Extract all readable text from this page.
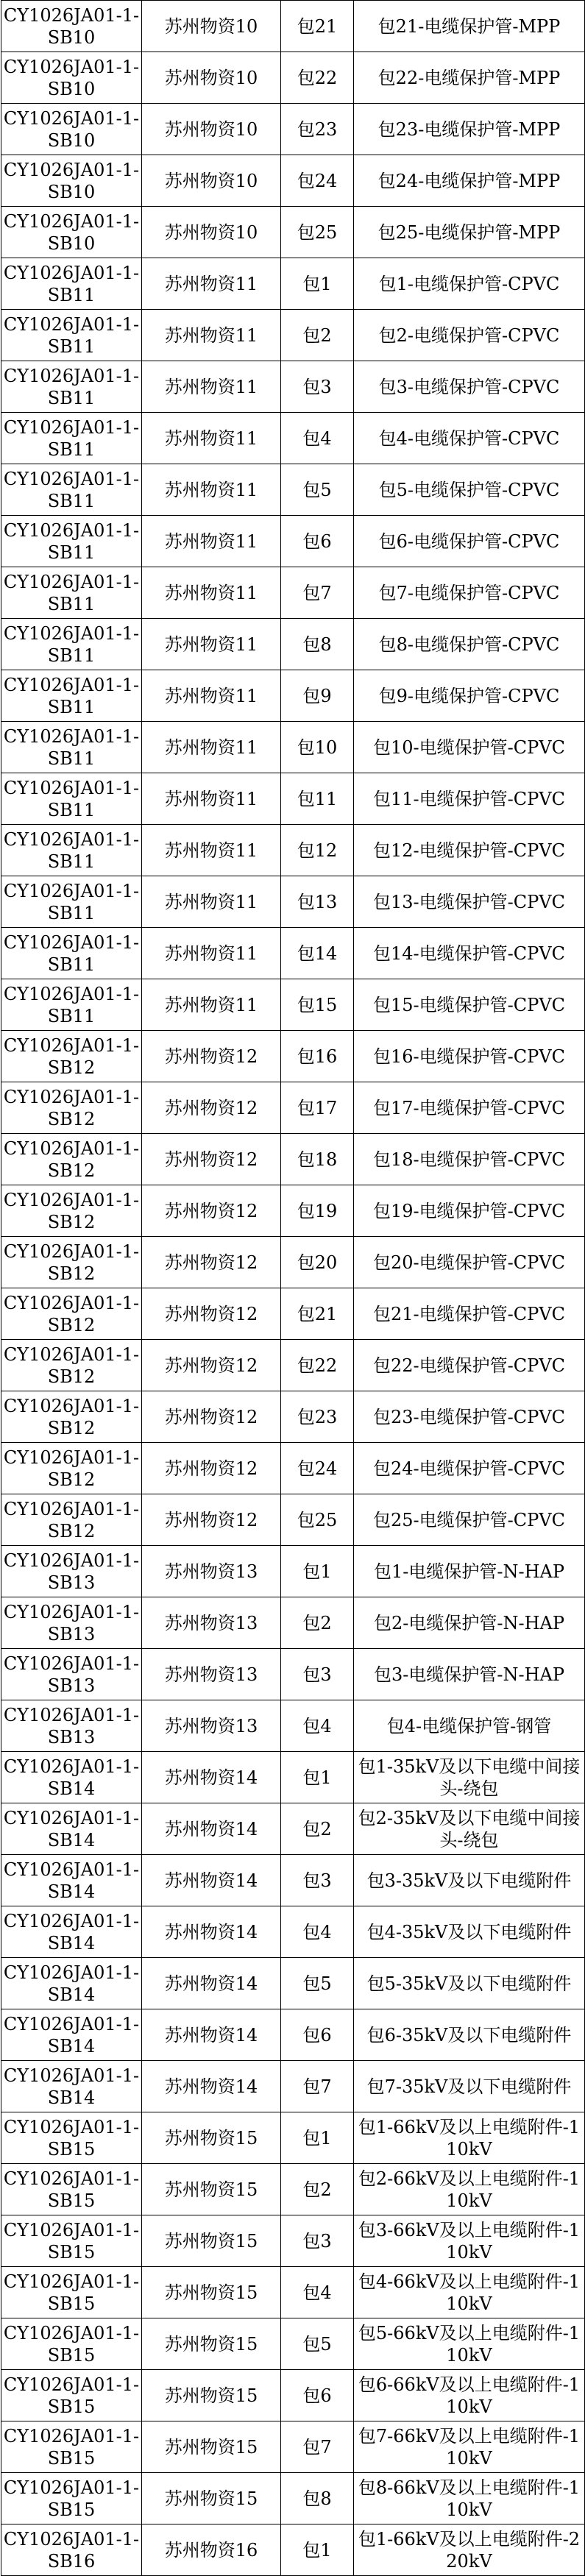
CY1026JA01-1-SB10	苏州物资10	包21	包21-电缆保护管-MPP
CY1026JA01-1-SB10	苏州物资10	包22	包22-电缆保护管-MPP
CY1026JA01-1-SB10	苏州物资10	包23	包23-电缆保护管-MPP
CY1026JA01-1-SB10	苏州物资10	包24	包24-电缆保护管-MPP
CY1026JA01-1-SB10	苏州物资10	包25	包25-电缆保护管-MPP
CY1026JA01-1-SB11	苏州物资11	包1	包1-电缆保护管-CPVC
CY1026JA01-1-SB11	苏州物资11	包2	包2-电缆保护管-CPVC
CY1026JA01-1-SB11	苏州物资11	包3	包3-电缆保护管-CPVC
CY1026JA01-1-SB11	苏州物资11	包4	包4-电缆保护管-CPVC
CY1026JA01-1-SB11	苏州物资11	包5	包5-电缆保护管-CPVC
CY1026JA01-1-SB11	苏州物资11	包6	包6-电缆保护管-CPVC
CY1026JA01-1-SB11	苏州物资11	包7	包7-电缆保护管-CPVC
CY1026JA01-1-SB11	苏州物资11	包8	包8-电缆保护管-CPVC
CY1026JA01-1-SB11	苏州物资11	包9	包9-电缆保护管-CPVC
CY1026JA01-1-SB11	苏州物资11	包10	包10-电缆保护管-CPVC
CY1026JA01-1-SB11	苏州物资11	包11	包11-电缆保护管-CPVC
CY1026JA01-1-SB11	苏州物资11	包12	包12-电缆保护管-CPVC
CY1026JA01-1-SB11	苏州物资11	包13	包13-电缆保护管-CPVC
CY1026JA01-1-SB11	苏州物资11	包14	包14-电缆保护管-CPVC
CY1026JA01-1-SB11	苏州物资11	包15	包15-电缆保护管-CPVC
CY1026JA01-1-SB12	苏州物资12	包16	包16-电缆保护管-CPVC
CY1026JA01-1-SB12	苏州物资12	包17	包17-电缆保护管-CPVC
CY1026JA01-1-SB12	苏州物资12	包18	包18-电缆保护管-CPVC
CY1026JA01-1-SB12	苏州物资12	包19	包19-电缆保护管-CPVC
CY1026JA01-1-SB12	苏州物资12	包20	包20-电缆保护管-CPVC
CY1026JA01-1-SB12	苏州物资12	包21	包21-电缆保护管-CPVC
CY1026JA01-1-SB12	苏州物资12	包22	包22-电缆保护管-CPVC
CY1026JA01-1-SB12	苏州物资12	包23	包23-电缆保护管-CPVC
CY1026JA01-1-SB12	苏州物资12	包24	包24-电缆保护管-CPVC
CY1026JA01-1-SB12	苏州物资12	包25	包25-电缆保护管-CPVC
CY1026JA01-1-SB13	苏州物资13	包1	包1-电缆保护管-N-HAP
CY1026JA01-1-SB13	苏州物资13	包2	包2-电缆保护管-N-HAP
CY1026JA01-1-SB13	苏州物资13	包3	包3-电缆保护管-N-HAP
CY1026JA01-1-SB13	苏州物资13	包4	包4-电缆保护管-钢管
CY1026JA01-1-SB14	苏州物资14	包1	包1-35kV及以下电缆中间接头-绕包
CY1026JA01-1-SB14	苏州物资14	包2	包2-35kV及以下电缆中间接头-绕包
CY1026JA01-1-SB14	苏州物资14	包3	包3-35kV及以下电缆附件
CY1026JA01-1-SB14	苏州物资14	包4	包4-35kV及以下电缆附件
CY1026JA01-1-SB14	苏州物资14	包5	包5-35kV及以下电缆附件
CY1026JA01-1-SB14	苏州物资14	包6	包6-35kV及以下电缆附件
CY1026JA01-1-SB14	苏州物资14	包7	包7-35kV及以下电缆附件
CY1026JA01-1-SB15	苏州物资15	包1	包1-66kV及以上电缆附件-110kV
CY1026JA01-1-SB15	苏州物资15	包2	包2-66kV及以上电缆附件-110kV
CY1026JA01-1-SB15	苏州物资15	包3	包3-66kV及以上电缆附件-110kV
CY1026JA01-1-SB15	苏州物资15	包4	包4-66kV及以上电缆附件-110kV
CY1026JA01-1-SB15	苏州物资15	包5	包5-66kV及以上电缆附件-110kV
CY1026JA01-1-SB15	苏州物资15	包6	包6-66kV及以上电缆附件-110kV
CY1026JA01-1-SB15	苏州物资15	包7	包7-66kV及以上电缆附件-110kV
CY1026JA01-1-SB15	苏州物资15	包8	包8-66kV及以上电缆附件-110kV
CY1026JA01-1-SB16	苏州物资16	包1	包1-66kV及以上电缆附件-220kV
